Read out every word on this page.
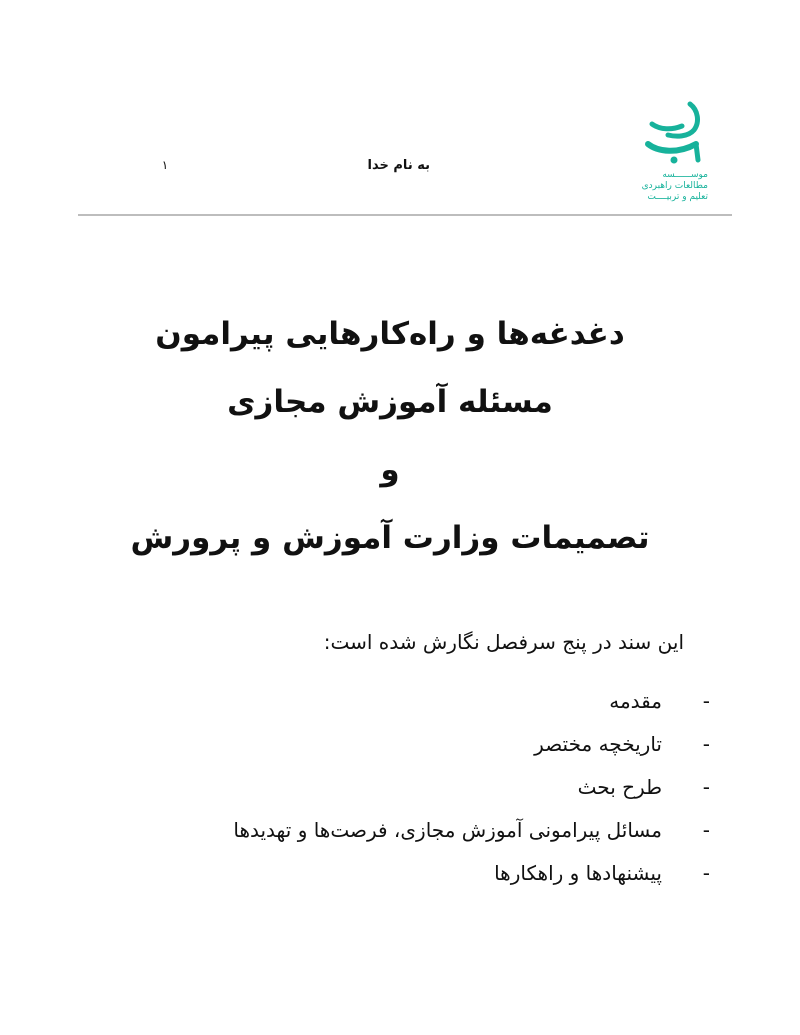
موســــــسه
مطالعات راهبردی
تعلیم و تربیــــت
به نام خدا
۱
دغدغه‌ها و راه‌کارهایی پیرامون
مسئله آموزش مجازی
و
تصمیمات وزارت آموزش و پرورش
این سند در پنج سرفصل نگارش شده است:
-مقدمه
-تاریخچه مختصر
-طرح بحث
-مسائل پیرامونی آموزش مجازی، فرصت‌ها و تهدیدها
-پیشنهادها و راهکارها
